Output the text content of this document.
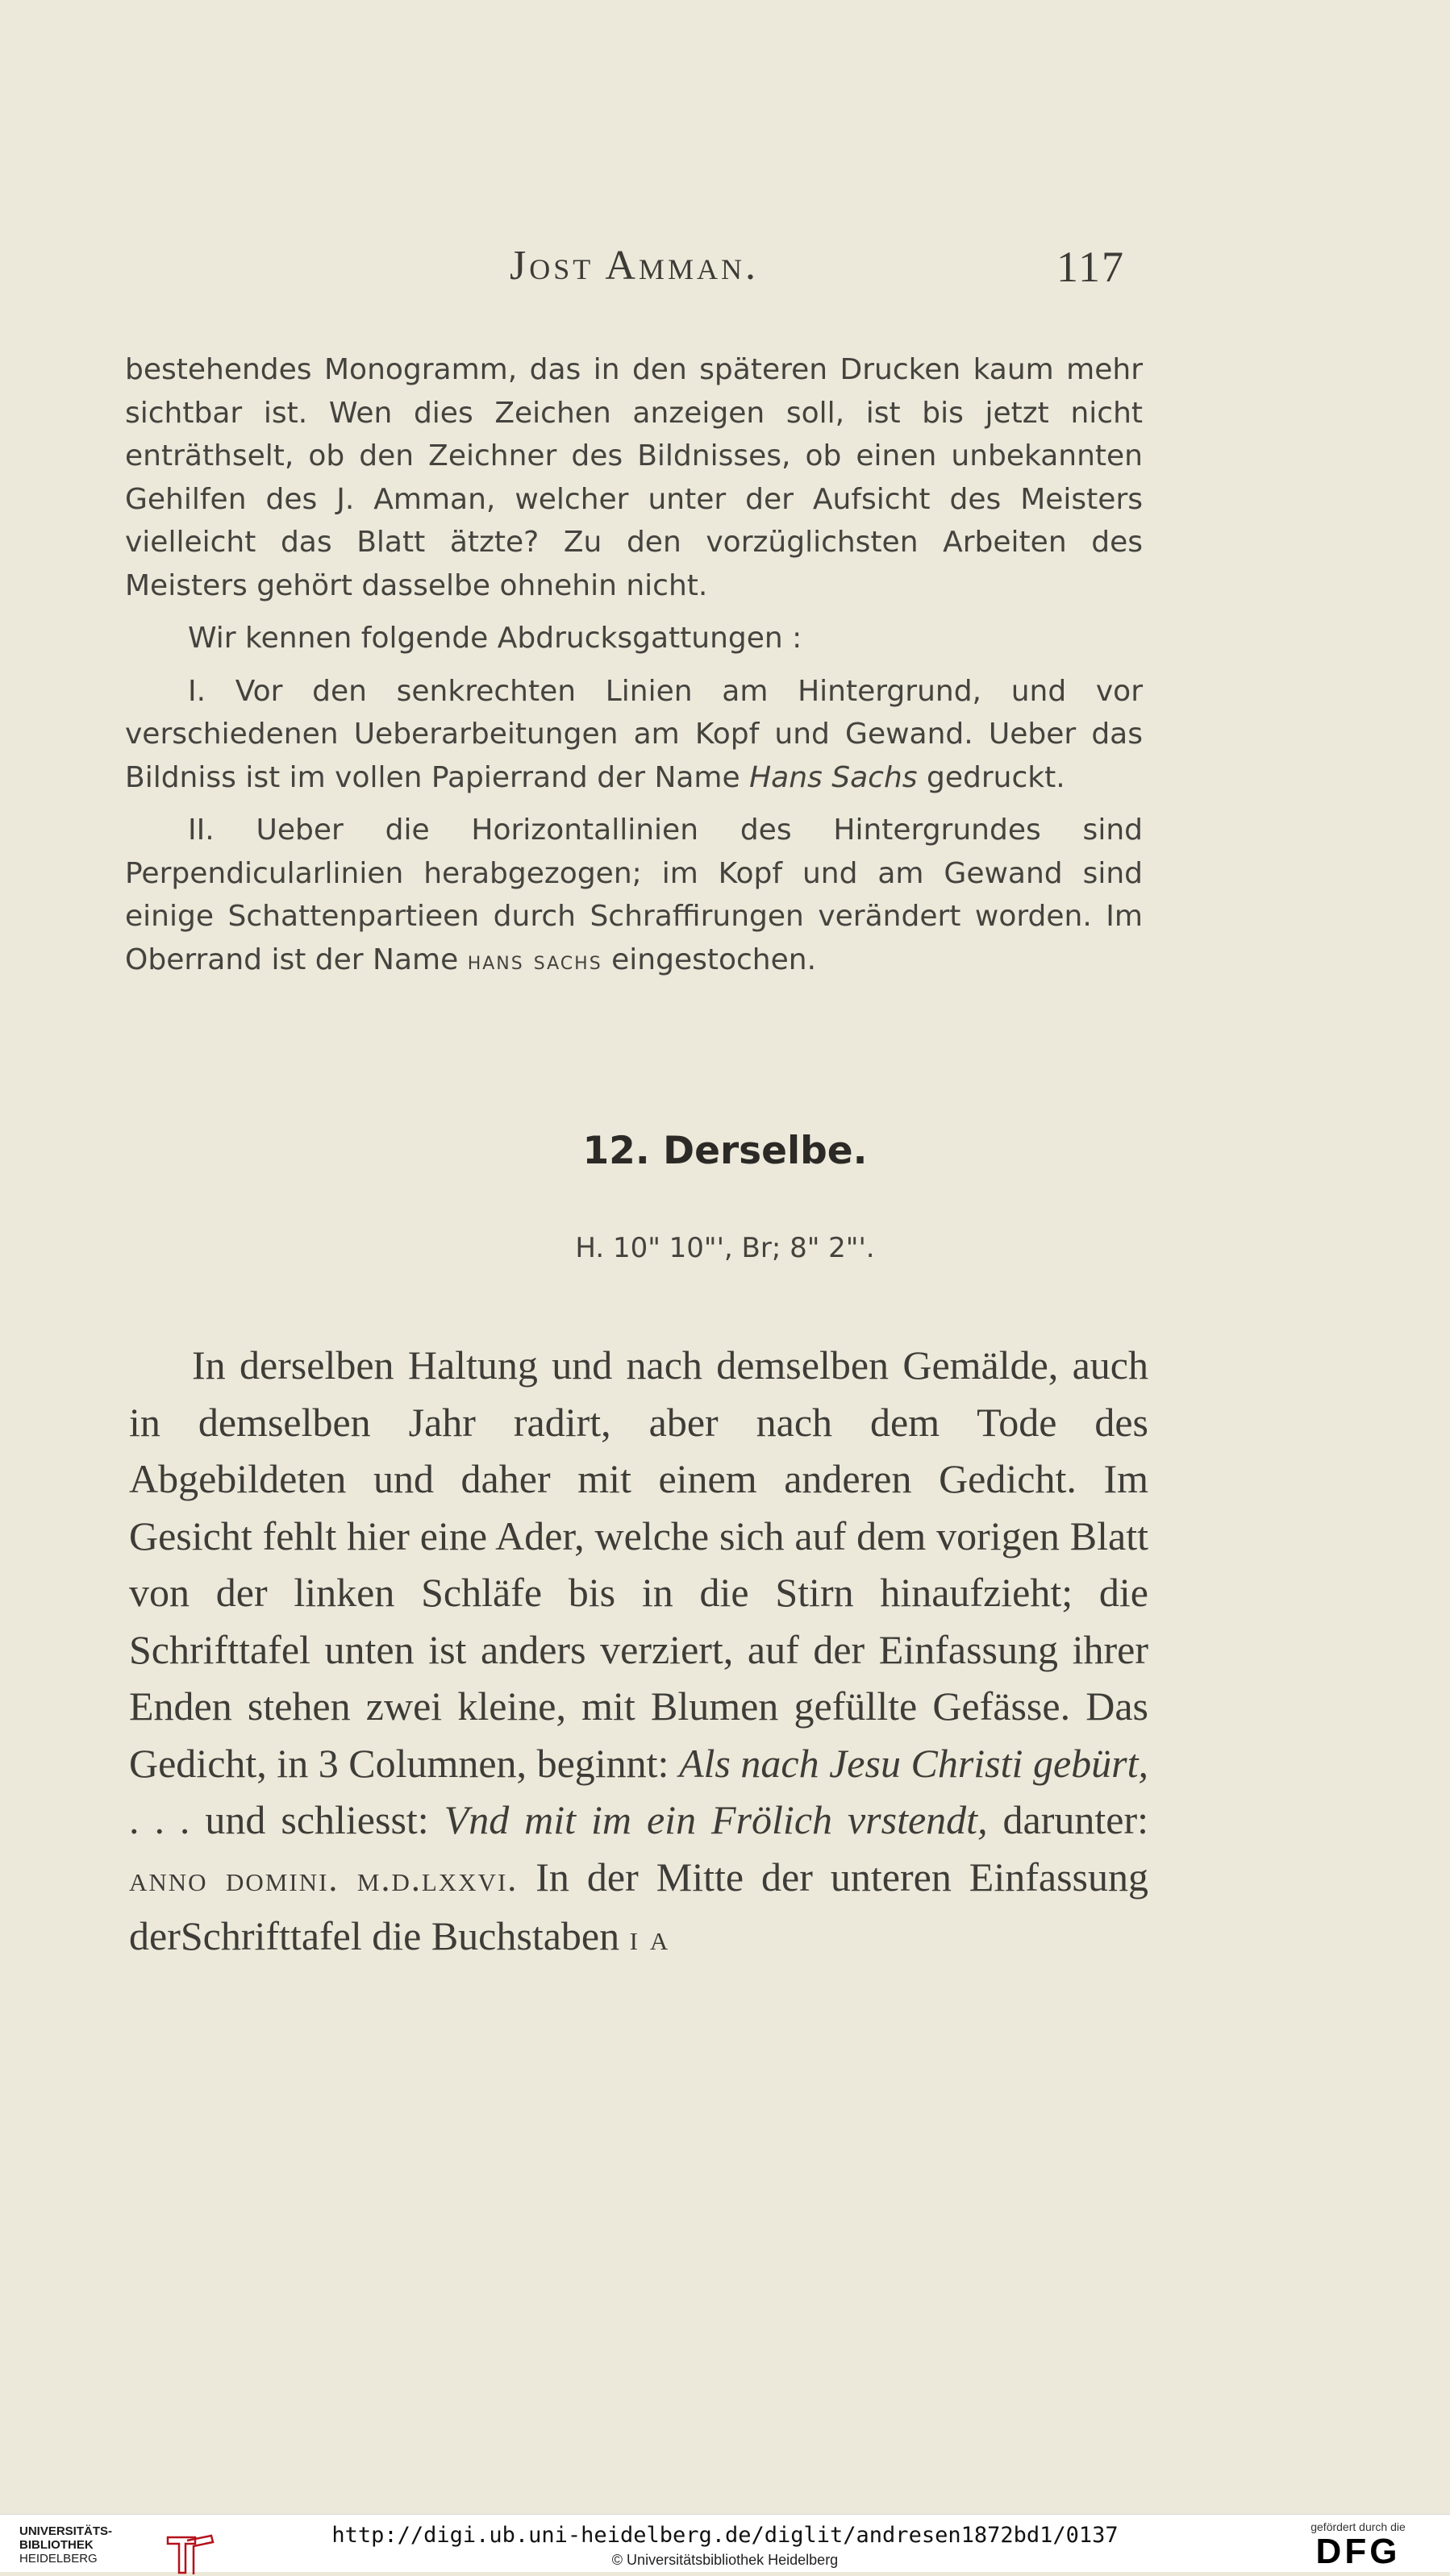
Jost Amman.	117

bestehendes Monogramm, das in den späteren Drucken kaum mehr sichtbar ist. Wen dies Zeichen anzeigen soll, ist bis jetzt nicht enträthselt, ob den Zeichner des Bildnisses, ob einen unbekannten Gehilfen des J. Amman, welcher unter der Aufsicht des Meisters vielleicht das Blatt ätzte? Zu den vorzüglichsten Arbeiten des Meisters gehört dasselbe ohnehin nicht.

Wir kennen folgende Abdrucksgattungen :

I. Vor den senkrechten Linien am Hintergrund, und vor verschiedenen Ueberarbeitungen am Kopf und Gewand. Ueber das Bildniss ist im vollen Papierrand der Name Hans Sachs gedruckt.

II. Ueber die Horizontallinien des Hintergrundes sind Perpendicularlinien herabgezogen; im Kopf und am Gewand sind einige Schattenpartieen durch Schraffirungen verändert worden. Im Oberrand ist der Name hans sachs eingestochen.

12. Derselbe.
H. 10" 10"', Br; 8" 2"'.

In derselben Haltung und nach demselben Gemälde, auch in demselben Jahr radirt, aber nach dem Tode des Abgebildeten und daher mit einem anderen Gedicht. Im Gesicht fehlt hier eine Ader, welche sich auf dem vorigen Blatt von der linken Schläfe bis in die Stirn hinaufzieht; die Schrifttafel unten ist anders verziert, auf der Einfassung ihrer Enden stehen zwei kleine, mit Blumen gefüllte Gefässe. Das Gedicht, in 3 Columnen, beginnt: Als nach Jesu Christi gebürt, . . . und schliesst: Vnd mit im ein Frölich vrstendt, darunter: anno domini. m.d.lxxvi. In der Mitte der unteren Einfassung derSchrifttafel die Buchstaben i a

UNIVERSITÄTS-
BIBLIOTHEK
HEIDELBERG
http://digi.ub.uni-heidelberg.de/diglit/andresen1872bd1/0137
© Universitätsbibliothek Heidelberg
gefördert durch die
DFG
